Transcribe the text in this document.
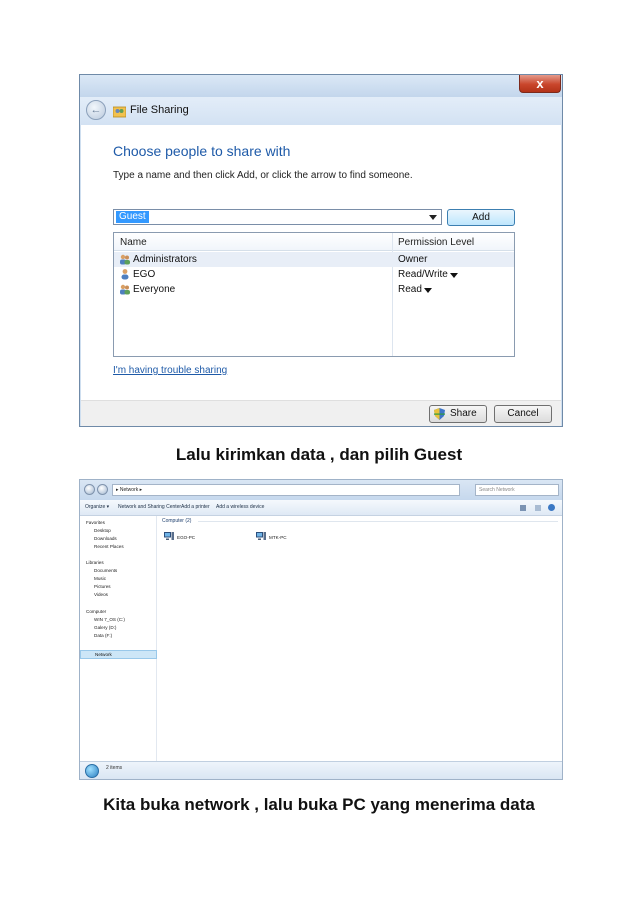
x
←	File Sharing
Choose people to share with
Type a name and then click Add, or click the arrow to find someone.
Guest	Add
Name	Permission Level
Administrators	Owner
EGO	Read/Write
Everyone	Read
I'm having trouble sharing
Share	Cancel
Lalu kirimkan data , dan pilih Guest
▸ Network ▸	Search Network
Organize ▾ Network and Sharing Center Add a printer Add a wireless device
Favorites
Desktop
Downloads
Recent Places
Libraries
Documents
Music
Pictures
Videos
Computer
WIN 7_OS (C:)
Galery (D:)
Data (F:)
Network
Computer (2)
EGO-PC	MTK-PC
2 items
Kita buka network , lalu buka PC yang menerima data
